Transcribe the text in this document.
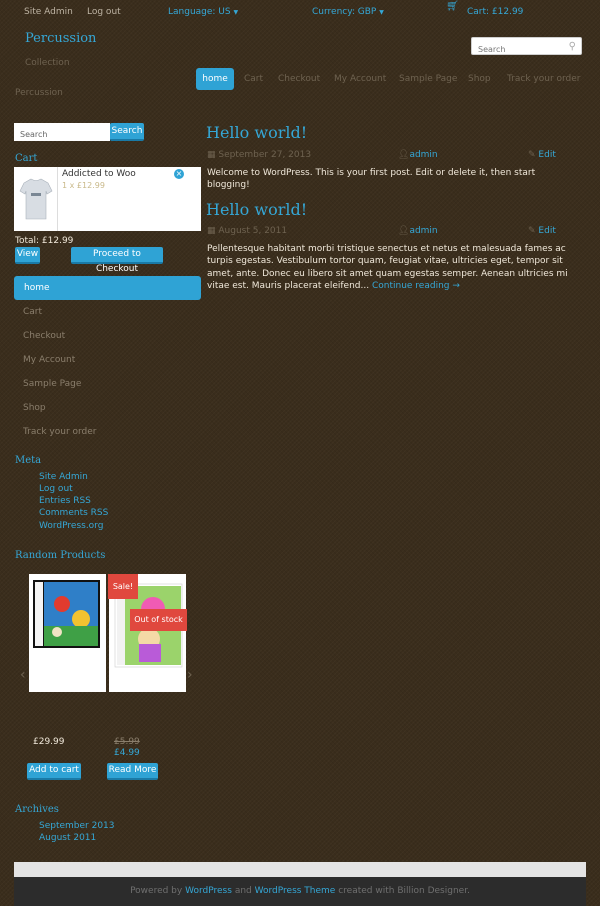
Site Admin Log out	Language: US ▼	Currency: GBP ▼
🛒︎ Cart: £12.99
Percussion
Collection
Percussion
Search	⚲
home	Cart Checkout My Account Sample Page Shop Track your order
Search	Search
Cart
Addicted to Woo
1 x £12.99
×
Total: £12.99
View	Proceed to Checkout
home
Cart
Checkout
My Account
Sample Page
Shop
Track your order
Meta
Site Admin
Log out
Entries RSS
Comments RSS
WordPress.org
Random Products
‹	›
Sale!
Out of stock
£29.99	£5.99
£4.99
Add to cart	Read More
Archives
September 2013
August 2011
Hello world!
▦ September 27, 2013	👤︎admin	✎ Edit
Welcome to WordPress. This is your first post. Edit or delete it, then start blogging!
Hello world!
▦ August 5, 2011	👤︎admin	✎ Edit
Pellentesque habitant morbi tristique senectus et netus et malesuada fames ac turpis egestas. Vestibulum tortor quam, feugiat vitae, ultricies eget, tempor sit amet, ante. Donec eu libero sit amet quam egestas semper. Aenean ultricies mi vitae est. Mauris placerat eleifend... Continue reading →
Powered by WordPress and WordPress Theme created with Billion Designer.
